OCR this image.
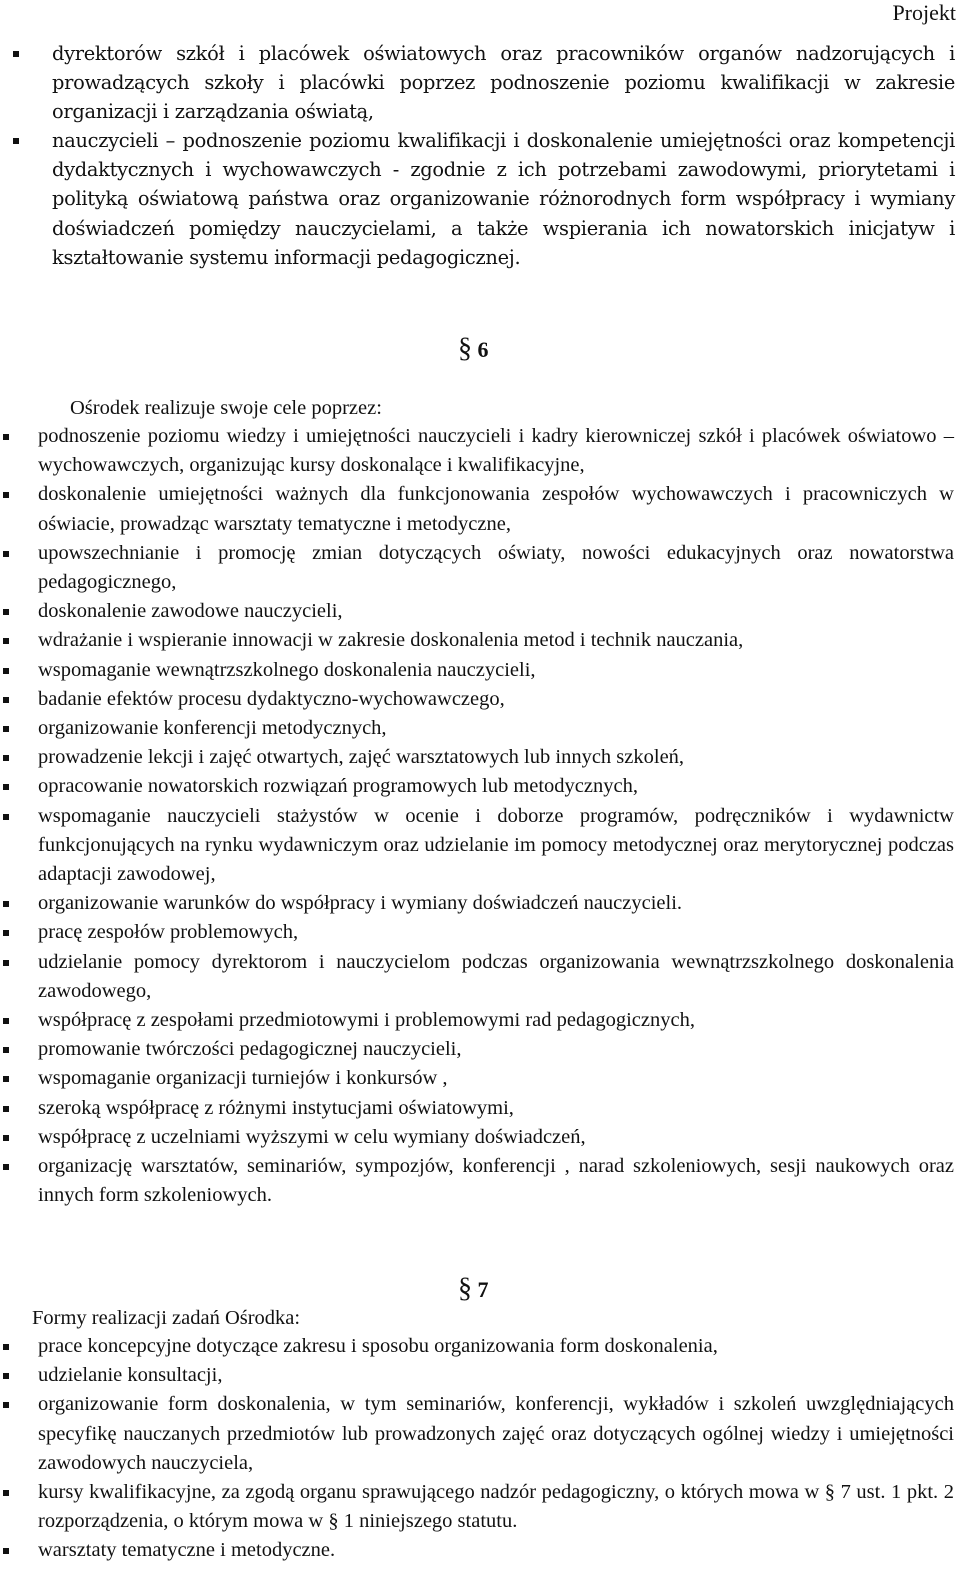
Projekt
dyrektorów szkół i placówek oświatowych oraz pracowników organów nadzorujących i prowadzących szkoły i placówki poprzez podnoszenie poziomu kwalifikacji w zakresie organizacji i zarządzania oświatą,
nauczycieli – podnoszenie poziomu kwalifikacji i doskonalenie umiejętności oraz kompetencji dydaktycznych i wychowawczych - zgodnie z ich potrzebami zawodowymi, priorytetami i polityką oświatową państwa oraz organizowanie różnorodnych form współpracy i wymiany doświadczeń pomiędzy nauczycielami, a także wspierania ich nowatorskich inicjatyw i kształtowanie systemu informacji pedagogicznej.
§ 6
Ośrodek realizuje swoje cele poprzez:
podnoszenie poziomu wiedzy i umiejętności nauczycieli i kadry kierowniczej szkół i placówek oświatowo – wychowawczych, organizując kursy doskonalące i kwalifikacyjne,
doskonalenie umiejętności ważnych dla funkcjonowania zespołów wychowawczych i pracowniczych w oświacie, prowadząc warsztaty tematyczne i metodyczne,
upowszechnianie i promocję zmian dotyczących oświaty, nowości edukacyjnych oraz nowatorstwa pedagogicznego,
doskonalenie zawodowe nauczycieli,
wdrażanie i wspieranie innowacji w zakresie doskonalenia metod i technik nauczania,
wspomaganie wewnątrzszkolnego doskonalenia nauczycieli,
badanie efektów procesu dydaktyczno-wychowawczego,
organizowanie konferencji metodycznych,
prowadzenie lekcji i zajęć otwartych, zajęć warsztatowych lub innych szkoleń,
opracowanie nowatorskich rozwiązań programowych lub metodycznych,
wspomaganie nauczycieli stażystów w ocenie i doborze programów, podręczników i wydawnictw funkcjonujących na rynku wydawniczym oraz udzielanie im pomocy metodycznej oraz merytorycznej podczas adaptacji zawodowej,
organizowanie warunków do współpracy i wymiany doświadczeń nauczycieli.
pracę zespołów problemowych,
udzielanie pomocy dyrektorom i nauczycielom podczas organizowania wewnątrzszkolnego doskonalenia zawodowego,
współpracę z zespołami przedmiotowymi i problemowymi rad pedagogicznych,
promowanie twórczości pedagogicznej nauczycieli,
wspomaganie organizacji turniejów i konkursów ,
szeroką współpracę z różnymi instytucjami oświatowymi,
współpracę z uczelniami wyższymi w celu wymiany doświadczeń,
organizację warsztatów, seminariów, sympozjów, konferencji , narad szkoleniowych, sesji naukowych oraz innych form szkoleniowych.
§ 7
Formy realizacji zadań Ośrodka:
prace koncepcyjne dotyczące zakresu i sposobu organizowania form doskonalenia,
udzielanie konsultacji,
organizowanie form doskonalenia, w tym seminariów, konferencji, wykładów i szkoleń uwzględniających specyfikę nauczanych przedmiotów lub prowadzonych zajęć oraz dotyczących ogólnej wiedzy i umiejętności zawodowych nauczyciela,
kursy kwalifikacyjne, za zgodą organu sprawującego nadzór pedagogiczny, o których mowa w § 7 ust. 1 pkt. 2 rozporządzenia, o którym mowa w § 1 niniejszego statutu.
warsztaty tematyczne i metodyczne.
